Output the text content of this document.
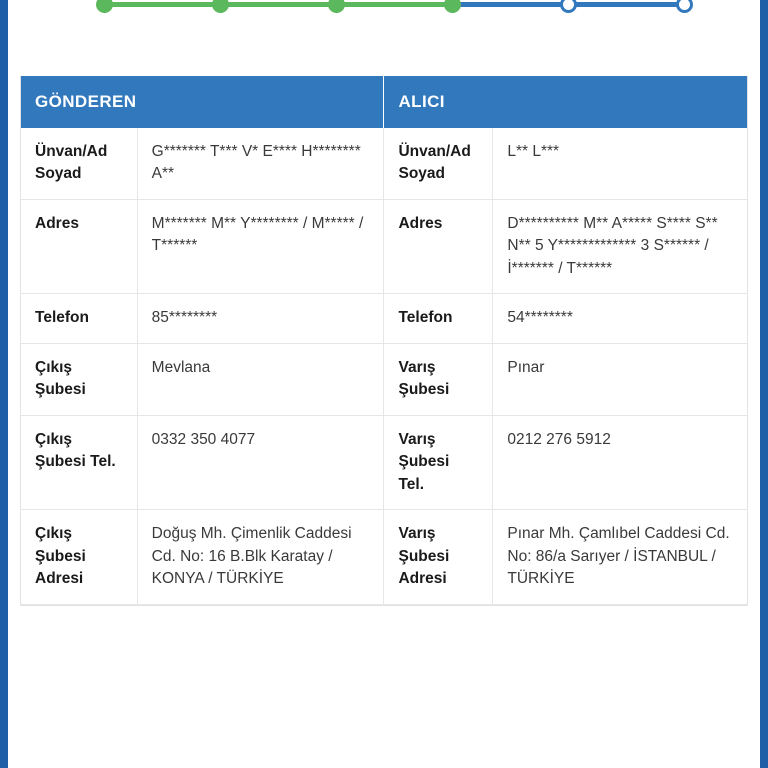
GÖNDEREN		ALICI	
Ünvan/Ad Soyad	G******* T*** V* E**** H******** A**	Ünvan/Ad Soyad	L** L***
Adres	M******* M** Y******** / M***** / T******	Adres	D********** M** A***** S**** S** N** 5 Y************* 3 S****** / İ******* / T******
Telefon	85********	Telefon	54********
Çıkış Şubesi	Mevlana	Varış Şubesi	Pınar
Çıkış Şubesi Tel.	0332 350 4077	Varış Şubesi Tel.	0212 276 5912
Çıkış Şubesi Adresi	Doğuş Mh. Çimenlik Caddesi Cd. No: 16 B.Blk Karatay / KONYA / TÜRKİYE	Varış Şubesi Adresi	Pınar Mh. Çamlıbel Caddesi Cd. No: 86/a Sarıyer / İSTANBUL / TÜRKİYE
